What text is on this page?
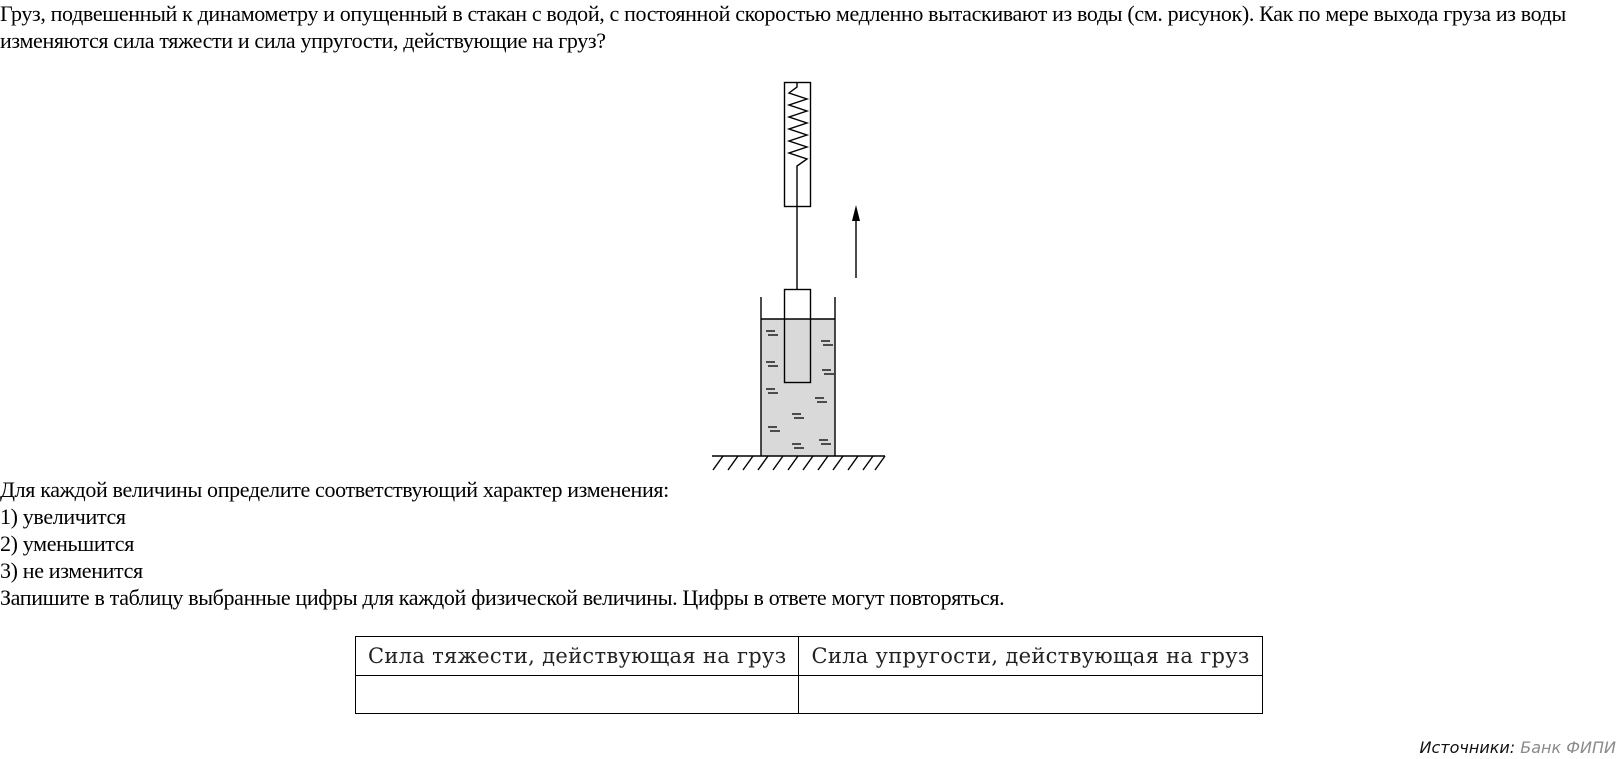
Груз, подвешенный к динамометру и опущенный в стакан с водой, с постоянной скоростью медленно вытаскивают из воды (см. рисунок). Как по мере выхода груза из воды изменяются сила тяжести и сила упругости, действующие на груз?

Для каждой величины определите соответствующий характер изменения:
1) увеличится
2) уменьшится
3) не изменится
Запишите в таблицу выбранные цифры для каждой физической величины. Цифры в ответе могут повторяться.
Сила тяжести, действующая на груз	Сила упругости, действующая на груз

Источники: Банк ФИПИ
